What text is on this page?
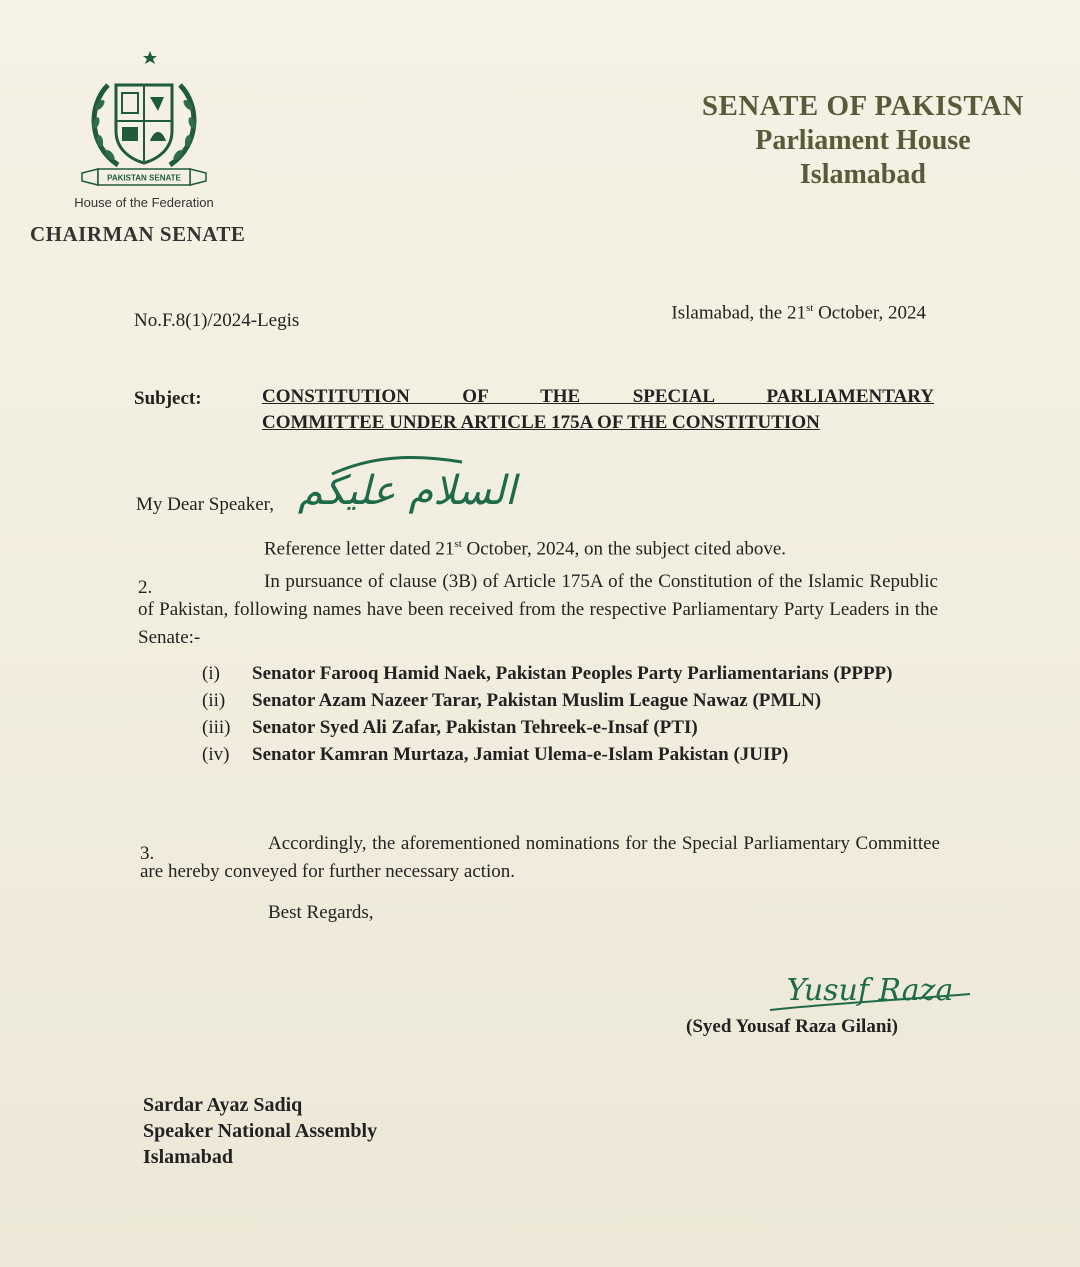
PAKISTAN SENATE
House of the Federation
CHAIRMAN SENATE
SENATE OF PAKISTAN
Parliament House
Islamabad
No.F.8(1)/2024-Legis	Islamabad, the 21st October, 2024
Subject:	CONSTITUTION OF THE SPECIAL PARLIAMENTARY
COMMITTEE UNDER ARTICLE 175A OF THE CONSTITUTION
My Dear Speaker, السلام علیکم
Reference letter dated 21st October, 2024, on the subject cited above.
In pursuance of clause (3B) of Article 175A of the Constitution of the Islamic Republic of Pakistan, following names have been received from the respective Parliamentary Party Leaders in the Senate:-
2.
(i)	Senator Farooq Hamid Naek, Pakistan Peoples Party Parliamentarians (PPPP)
(ii)	Senator Azam Nazeer Tarar, Pakistan Muslim League Nawaz (PMLN)
(iii)	Senator Syed Ali Zafar, Pakistan Tehreek-e-Insaf (PTI)
(iv)	Senator Kamran Murtaza, Jamiat Ulema-e-Islam Pakistan (JUIP)
Accordingly, the aforementioned nominations for the Special Parliamentary Committee are hereby conveyed for further necessary action.
3.
Best Regards,
Yusuf Raza
(Syed Yousaf Raza Gilani)
Sardar Ayaz Sadiq
Speaker National Assembly
Islamabad
